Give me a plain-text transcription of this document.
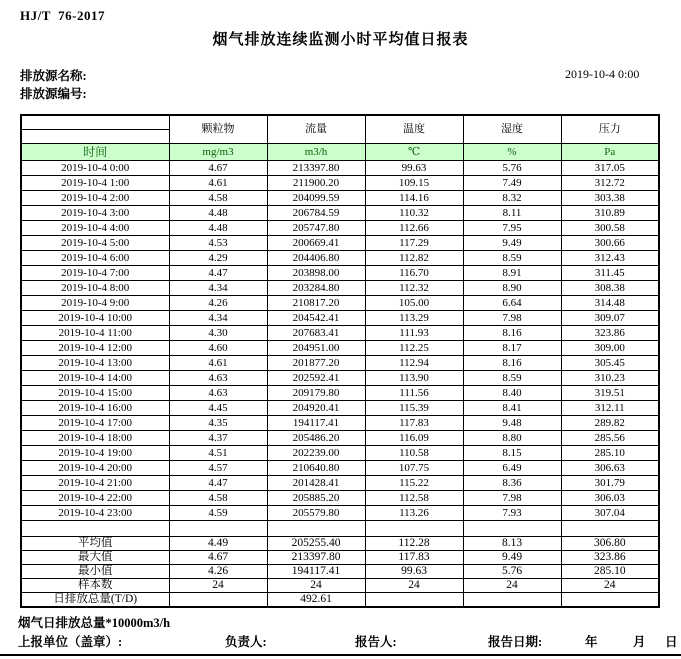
HJ/T  76-2017
烟气排放连续监测小时平均值日报表
排放源名称:	2019-10-4 0:00
排放源编号:
	颗粒物	流量	温度	湿度	压力

时间	mg/m3	m3/h	℃	%	Pa
2019-10-4 0:00	4.67	213397.80	99.63	5.76	317.05
2019-10-4 1:00	4.61	211900.20	109.15	7.49	312.72
2019-10-4 2:00	4.58	204099.59	114.16	8.32	303.38
2019-10-4 3:00	4.48	206784.59	110.32	8.11	310.89
2019-10-4 4:00	4.48	205747.80	112.66	7.95	300.58
2019-10-4 5:00	4.53	200669.41	117.29	9.49	300.66
2019-10-4 6:00	4.29	204406.80	112.82	8.59	312.43
2019-10-4 7:00	4.47	203898.00	116.70	8.91	311.45
2019-10-4 8:00	4.34	203284.80	112.32	8.90	308.38
2019-10-4 9:00	4.26	210817.20	105.00	6.64	314.48
2019-10-4 10:00	4.34	204542.41	113.29	7.98	309.07
2019-10-4 11:00	4.30	207683.41	111.93	8.16	323.86
2019-10-4 12:00	4.60	204951.00	112.25	8.17	309.00
2019-10-4 13:00	4.61	201877.20	112.94	8.16	305.45
2019-10-4 14:00	4.63	202592.41	113.90	8.59	310.23
2019-10-4 15:00	4.63	209179.80	111.56	8.40	319.51
2019-10-4 16:00	4.45	204920.41	115.39	8.41	312.11
2019-10-4 17:00	4.35	194117.41	117.83	9.48	289.82
2019-10-4 18:00	4.37	205486.20	116.09	8.80	285.56
2019-10-4 19:00	4.51	202239.00	110.58	8.15	285.10
2019-10-4 20:00	4.57	210640.80	107.75	6.49	306.63
2019-10-4 21:00	4.47	201428.41	115.22	8.36	301.79
2019-10-4 22:00	4.58	205885.20	112.58	7.98	306.03
2019-10-4 23:00	4.59	205579.80	113.26	7.93	307.04

平均值	4.49	205255.40	112.28	8.13	306.80
最大值	4.67	213397.80	117.83	9.49	323.86
最小值	4.26	194117.41	99.63	5.76	285.10
样本数	24	24	24	24	24
日排放总量(T/D)		492.61			
烟气日排放总量*10000m3/h
上报单位（盖章）:	负责人:	报告人:	报告日期:	年	月 日
